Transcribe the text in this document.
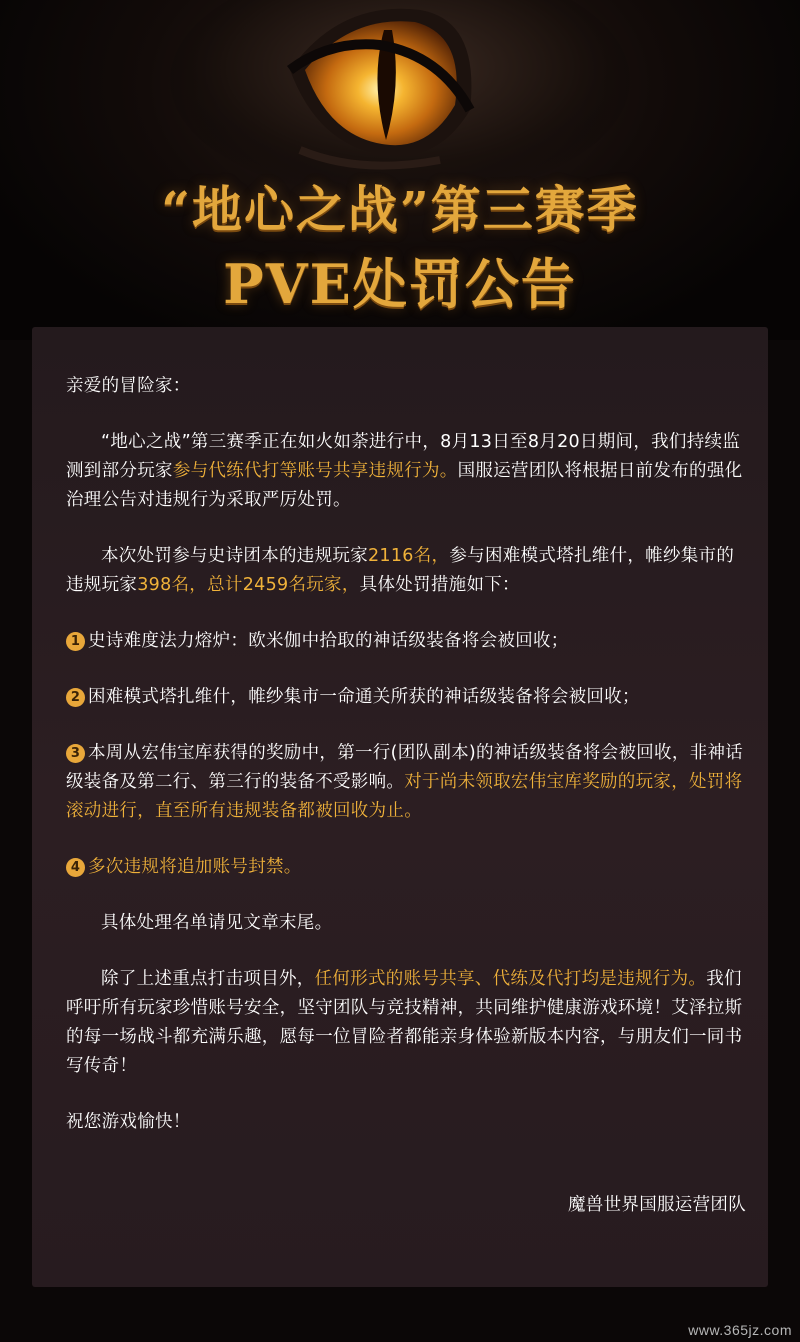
“地心之战”第三赛季
PVE处罚公告

亲爱的冒险家：

“地心之战”第三赛季正在如火如荼进行中，8月13日至8月20日期间，我们持续监测到部分玩家参与代练代打等账号共享违规行为。国服运营团队将根据日前发布的强化治理公告对违规行为采取严厉处罚。

本次处罚参与史诗团本的违规玩家2116名，参与困难模式塔扎维什，帷纱集市的违规玩家398名，总计2459名玩家，具体处罚措施如下：

1 史诗难度法力熔炉：欧米伽中拾取的神话级装备将会被回收；

2 困难模式塔扎维什，帷纱集市一命通关所获的神话级装备将会被回收；

3 本周从宏伟宝库获得的奖励中，第一行(团队副本)的神话级装备将会被回收，非神话级装备及第二行、第三行的装备不受影响。对于尚未领取宏伟宝库奖励的玩家，处罚将滚动进行，直至所有违规装备都被回收为止。

4 多次违规将追加账号封禁。

具体处理名单请见文章末尾。

除了上述重点打击项目外，任何形式的账号共享、代练及代打均是违规行为。我们呼吁所有玩家珍惜账号安全，坚守团队与竞技精神，共同维护健康游戏环境！艾泽拉斯的每一场战斗都充满乐趣，愿每一位冒险者都能亲身体验新版本内容，与朋友们一同书写传奇！

祝您游戏愉快！

魔兽世界国服运营团队

www.365jz.com
